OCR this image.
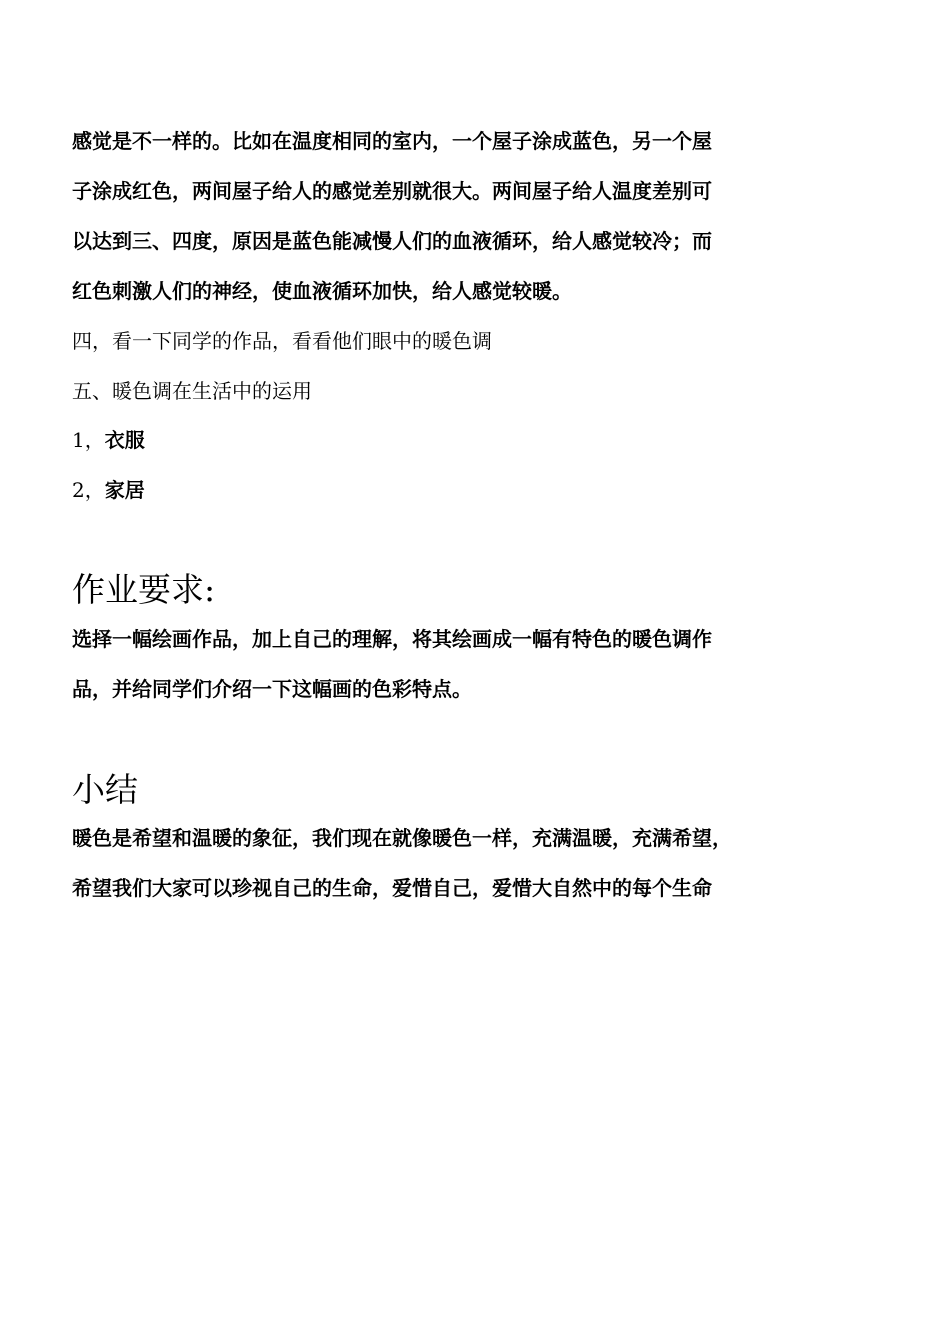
感觉是不一样的。比如在温度相同的室内，一个屋子涂成蓝色，另一个屋
子涂成红色，两间屋子给人的感觉差别就很大。两间屋子给人温度差别可
以达到三、四度，原因是蓝色能减慢人们的血液循环，给人感觉较冷；而
红色刺激人们的神经，使血液循环加快，给人感觉较暖。
四，看一下同学的作品，看看他们眼中的暖色调
五、暖色调在生活中的运用
1，衣服
2，家居
作业要求:
选择一幅绘画作品，加上自己的理解，将其绘画成一幅有特色的暖色调作
品，并给同学们介绍一下这幅画的色彩特点。
小结
暖色是希望和温暖的象征，我们现在就像暖色一样，充满温暖，充满希望，
希望我们大家可以珍视自己的生命，爱惜自己，爱惜大自然中的每个生命
